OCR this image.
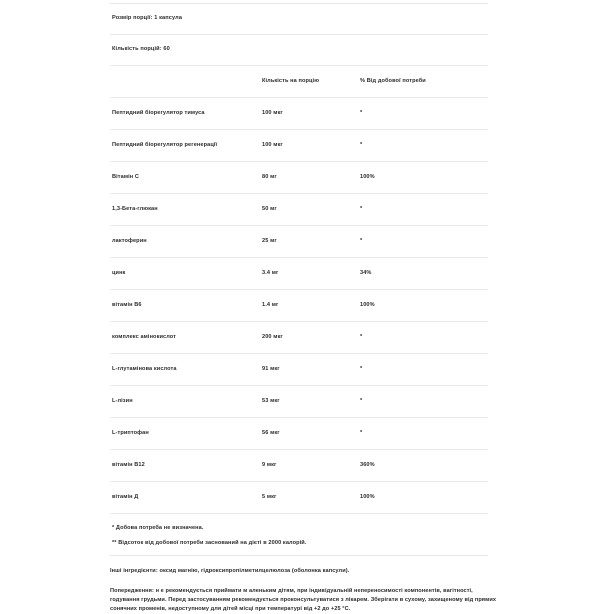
Розмір порції: 1 капсула
Кількість порцій: 60
	Кількість на порцію	% Від добової потреби
Пептидний біорегулятор тимуса	100 мкг	*
Пептидний біорегулятор регенерації	100 мкг	*
Вітамін С	80 мг	100%
1,3-Бета-глюкан	50 мг	*
лактоферин	25 мг	*
цинк	3.4 мг	34%
вітамін В6	1.4 мг	100%
комплекс амінокислот	200 мкг	*
L-глутамінова кислота	91 мкг	*
L-лізин	53 мкг	*
L-триптофан	56 мкг	*
вітамін В12	9 мкг	360%
вітамін Д	5 мкг	100%
* Добова потреба не визначена.
** Відсоток від добової потреби заснований на дієті в 2000 калорій.
Інші інгредієнти: оксид магнію, гідроксипропілметилцелюлоза (оболонка капсули).
Попередження: н е рекомендується приймати м аленьким дітям, при індивідуальній непереносимості компонентів, вагітності, годування грудьми. Перед застосуванням рекомендується проконсультуватися з лікарем. Зберігати в сухому, захищеному від прямих сонячних променів, недоступному для дітей місці при температурі від +2 до +25 °С.
